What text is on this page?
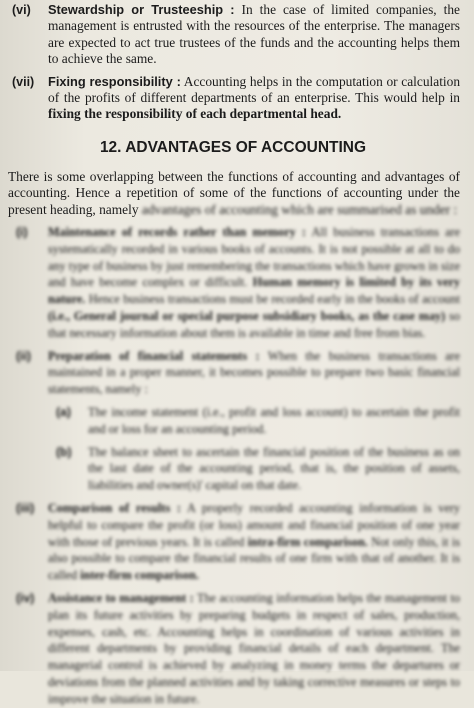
(vi) Stewardship or Trusteeship : In the case of limited companies, the management is entrusted with the resources of the enterprise. The managers are expected to act true trustees of the funds and the accounting helps them to achieve the same.
(vii) Fixing responsibility : Accounting helps in the computation or calculation of the profits of different departments of an enterprise. This would help in fixing the responsibility of each departmental head.
12. ADVANTAGES OF ACCOUNTING
There is some overlapping between the functions of accounting and advantages of accounting. Hence a repetition of some of the functions of accounting under the present heading, namely advantages of accounting which are summarised as under :
(i) Maintenance of records rather than memory : All business transactions are systematically recorded in various books of accounts. It is not possible at all to do any type of business by just remembering the transactions which have grown in size and have become complex or difficult. Human memory is limited by its very nature. Hence business transactions must be recorded early in the books of account (i.e., General journal or special purpose subsidiary books, as the case may) so that necessary information about them is available in time and free from bias.
(ii) Preparation of financial statements : When the business transactions are maintained in a proper manner, it becomes possible to prepare two basic financial statements, namely :
(a) The income statement (i.e., profit and loss account) to ascertain the profit and or loss for an accounting period.
(b) The balance sheet to ascertain the financial position of the business as on the last date of the accounting period, that is, the position of assets, liabilities and owner(s)' capital on that date.
(iii) Comparison of results : A properly recorded accounting information is very helpful to compare the profit (or loss) amount and financial position of one year with those of previous years. It is called intra-firm comparison. Not only this, it is also possible to compare the financial results of one firm with that of another. It is called inter-firm comparison.
(iv) Assistance to management : The accounting information helps the management to plan its future activities by preparing budgets in respect of sales, production, expenses, cash, etc. Accounting helps in coordination of various activities in different departments by providing financial details of each department. The managerial control is achieved by analyzing in money terms the departures or deviations from the planned activities and by taking corrective measures or steps to improve the situation in future.
